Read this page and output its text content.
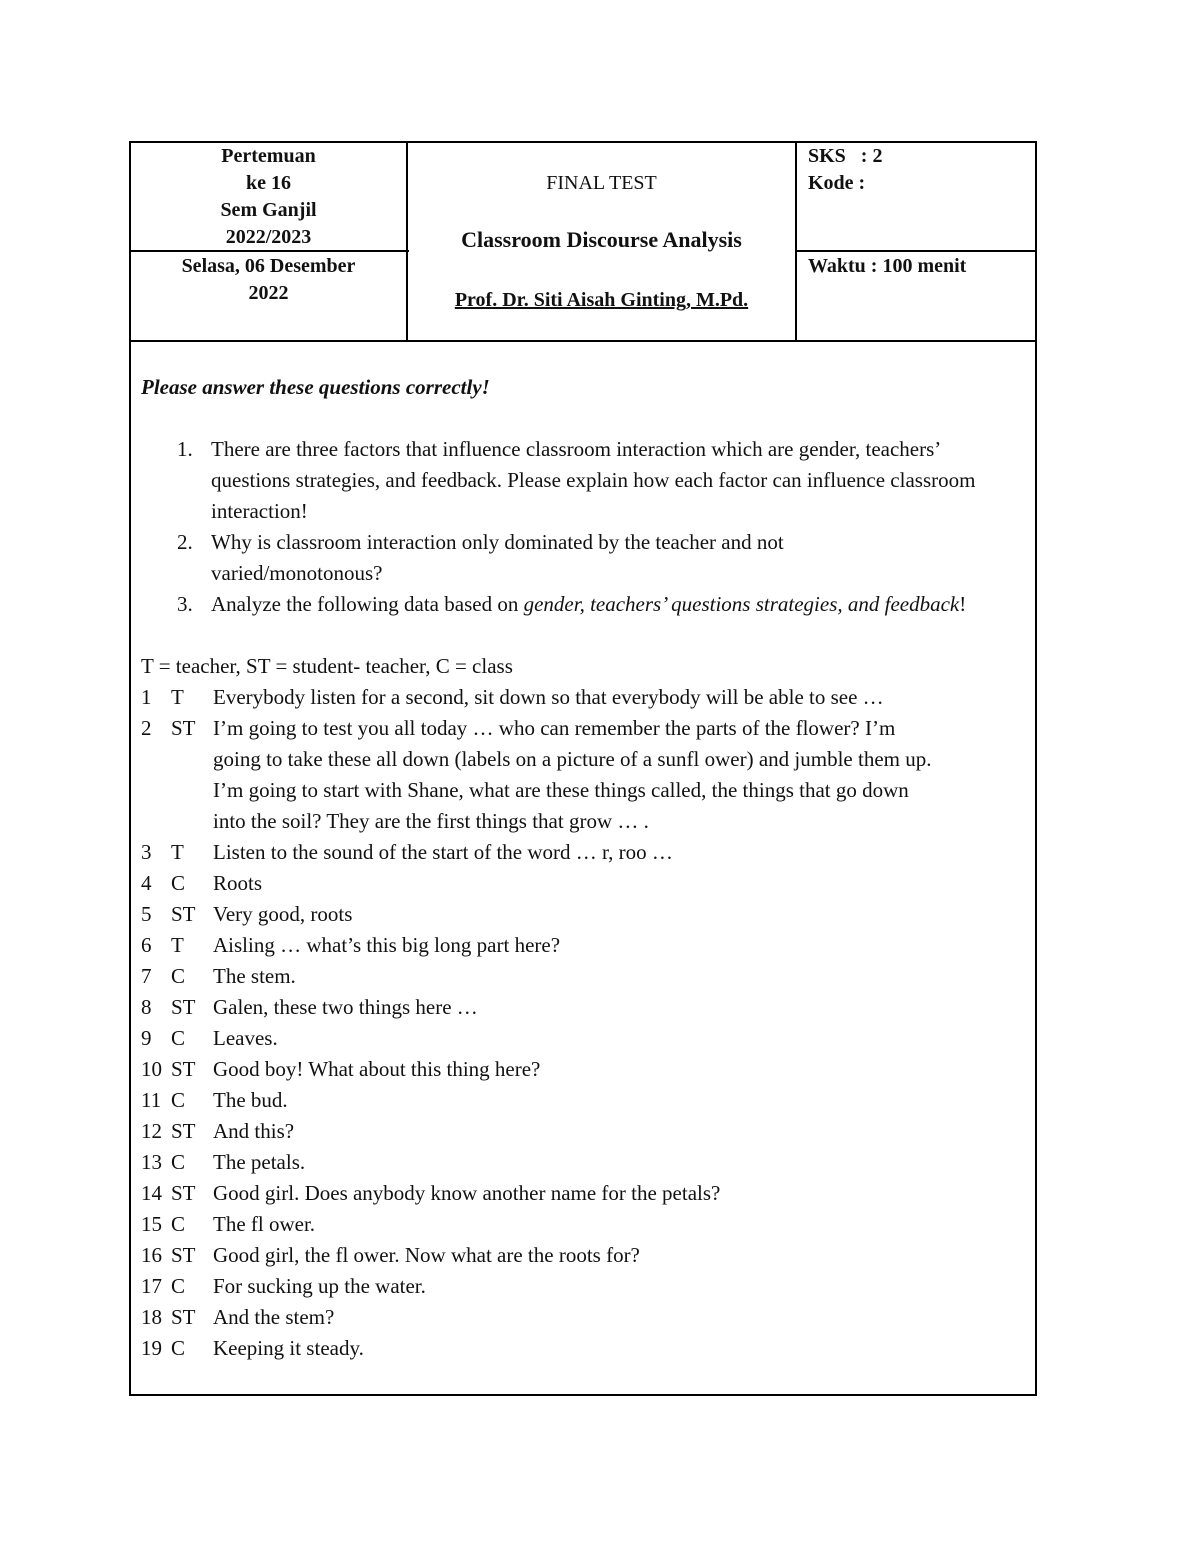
Pertemuan
ke 16
Sem Ganjil
2022/2023
Selasa, 06 Desember
2022
FINAL TEST
Classroom Discourse Analysis
Prof. Dr. Siti Aisah Ginting, M.Pd.
SKS   : 2
Kode :
Waktu : 100 menit
Please answer these questions correctly!
1. There are three factors that influence classroom interaction which are gender, teachers’ questions strategies, and feedback. Please explain how each factor can influence classroom interaction!
2. Why is classroom interaction only dominated by the teacher and not varied/monotonous?
3. Analyze the following data based on gender, teachers’ questions strategies, and feedback!
T = teacher, ST = student- teacher, C = class
1 T Everybody listen for a second, sit down so that everybody will be able to see …
2 ST I’m going to test you all today … who can remember the parts of the flower? I’m
going to take these all down (labels on a picture of a sunfl ower) and jumble them up.
I’m going to start with Shane, what are these things called, the things that go down
into the soil? They are the first things that grow … .
3 T Listen to the sound of the start of the word … r, roo …
4 C Roots
5 ST Very good, roots
6 T Aisling … what’s this big long part here?
7 C The stem.
8 ST Galen, these two things here …
9 C Leaves.
10 ST Good boy! What about this thing here?
11 C The bud.
12 ST And this?
13 C The petals.
14 ST Good girl. Does anybody know another name for the petals?
15 C The fl ower.
16 ST Good girl, the fl ower. Now what are the roots for?
17 C For sucking up the water.
18 ST And the stem?
19 C Keeping it steady.
